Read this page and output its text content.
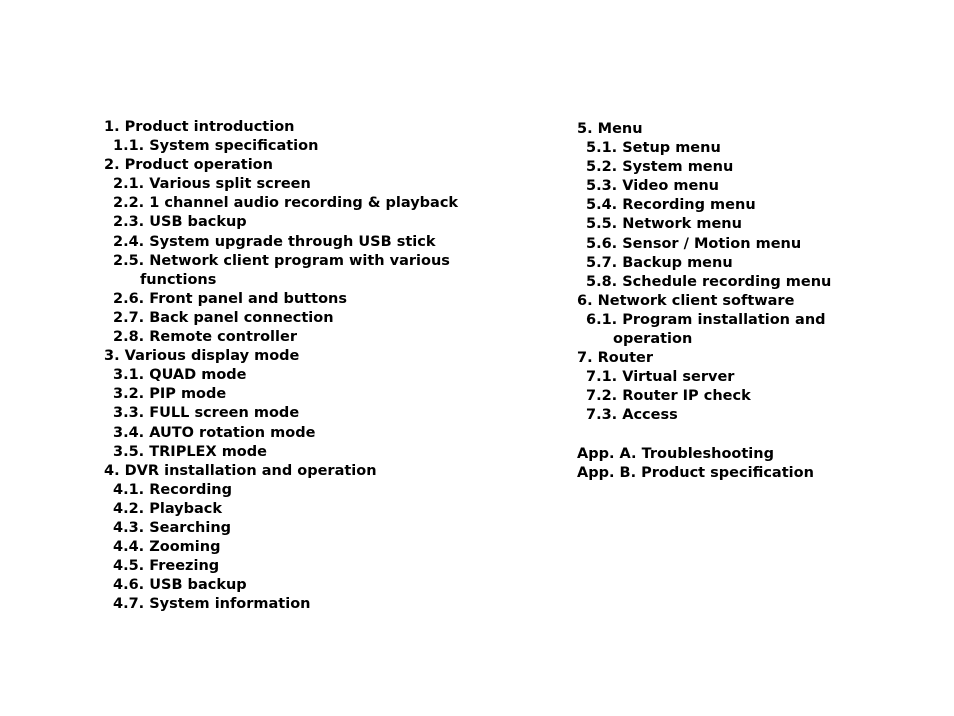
1. Product introduction
1.1. System specification
2. Product operation
2.1. Various split screen
2.2. 1 channel audio recording & playback
2.3. USB backup
2.4. System upgrade through USB stick
2.5. Network client program with various
functions
2.6. Front panel and buttons
2.7. Back panel connection
2.8. Remote controller
3. Various display mode
3.1. QUAD mode
3.2. PIP mode
3.3. FULL screen mode
3.4. AUTO rotation mode
3.5. TRIPLEX mode
4. DVR installation and operation
4.1. Recording
4.2. Playback
4.3. Searching
4.4. Zooming
4.5. Freezing
4.6. USB backup
4.7. System information
5. Menu
5.1. Setup menu
5.2. System menu
5.3. Video menu
5.4. Recording menu
5.5. Network menu
5.6. Sensor / Motion menu
5.7. Backup menu
5.8. Schedule recording menu
6. Network client software
6.1. Program installation and
operation
7. Router
7.1. Virtual server
7.2. Router IP check
7.3. Access
App. A. Troubleshooting
App. B. Product specification
